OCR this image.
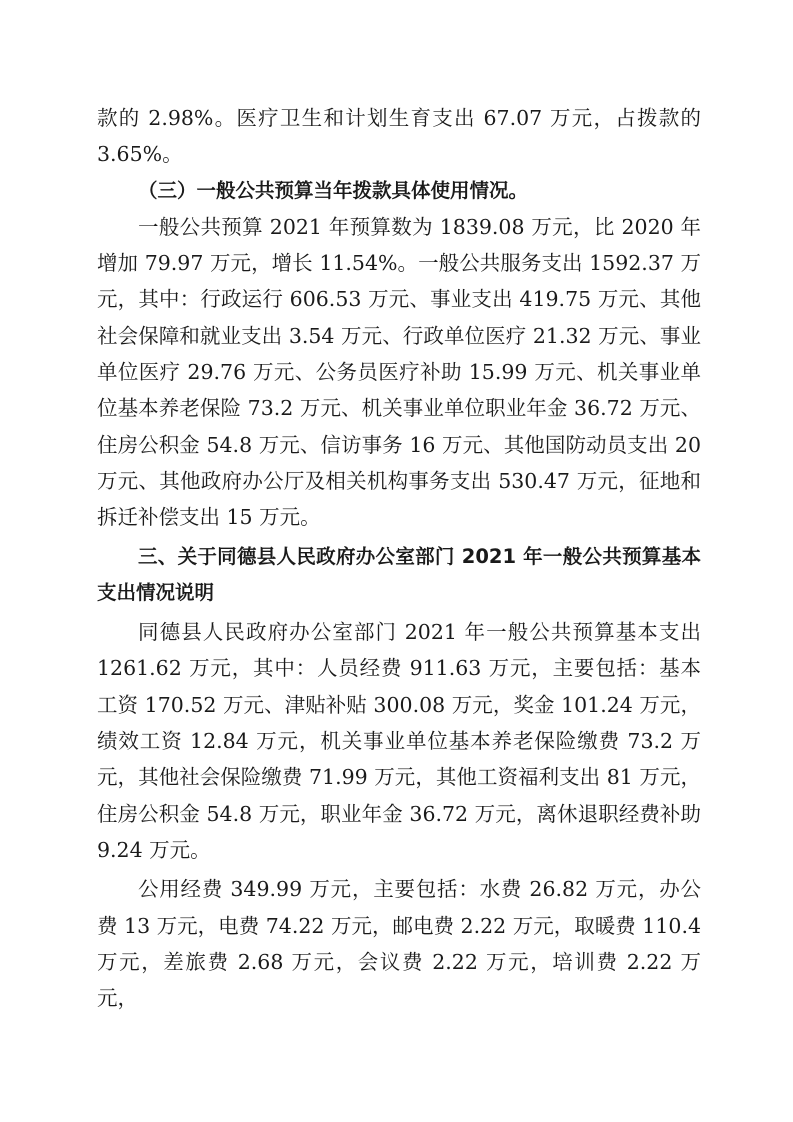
款的 2.98%。医疗卫生和计划生育支出 67.07 万元，占拨款的 3.65%。

（三）一般公共预算当年拨款具体使用情况。

一般公共预算 2021 年预算数为 1839.08 万元，比 2020 年增加 79.97 万元，增长 11.54%。一般公共服务支出 1592.37 万元，其中：行政运行 606.53 万元、事业支出 419.75 万元、其他社会保障和就业支出 3.54 万元、行政单位医疗 21.32 万元、事业单位医疗 29.76 万元、公务员医疗补助 15.99 万元、机关事业单位基本养老保险 73.2 万元、机关事业单位职业年金 36.72 万元、住房公积金 54.8 万元、信访事务 16 万元、其他国防动员支出 20 万元、其他政府办公厅及相关机构事务支出 530.47 万元，征地和拆迁补偿支出 15 万元。

三、关于同德县人民政府办公室部门 2021 年一般公共预算基本支出情况说明

同德县人民政府办公室部门 2021 年一般公共预算基本支出 1261.62 万元，其中：人员经费 911.63 万元，主要包括：基本工资 170.52 万元、津贴补贴 300.08 万元，奖金 101.24 万元，绩效工资 12.84 万元，机关事业单位基本养老保险缴费 73.2 万元，其他社会保险缴费 71.99 万元，其他工资福利支出 81 万元，住房公积金 54.8 万元，职业年金 36.72 万元，离休退职经费补助 9.24 万元。

公用经费 349.99 万元，主要包括：水费 26.82 万元，办公费 13 万元，电费 74.22 万元，邮电费 2.22 万元，取暖费 110.4 万元，差旅费 2.68 万元，会议费 2.22 万元，培训费 2.22 万元，
